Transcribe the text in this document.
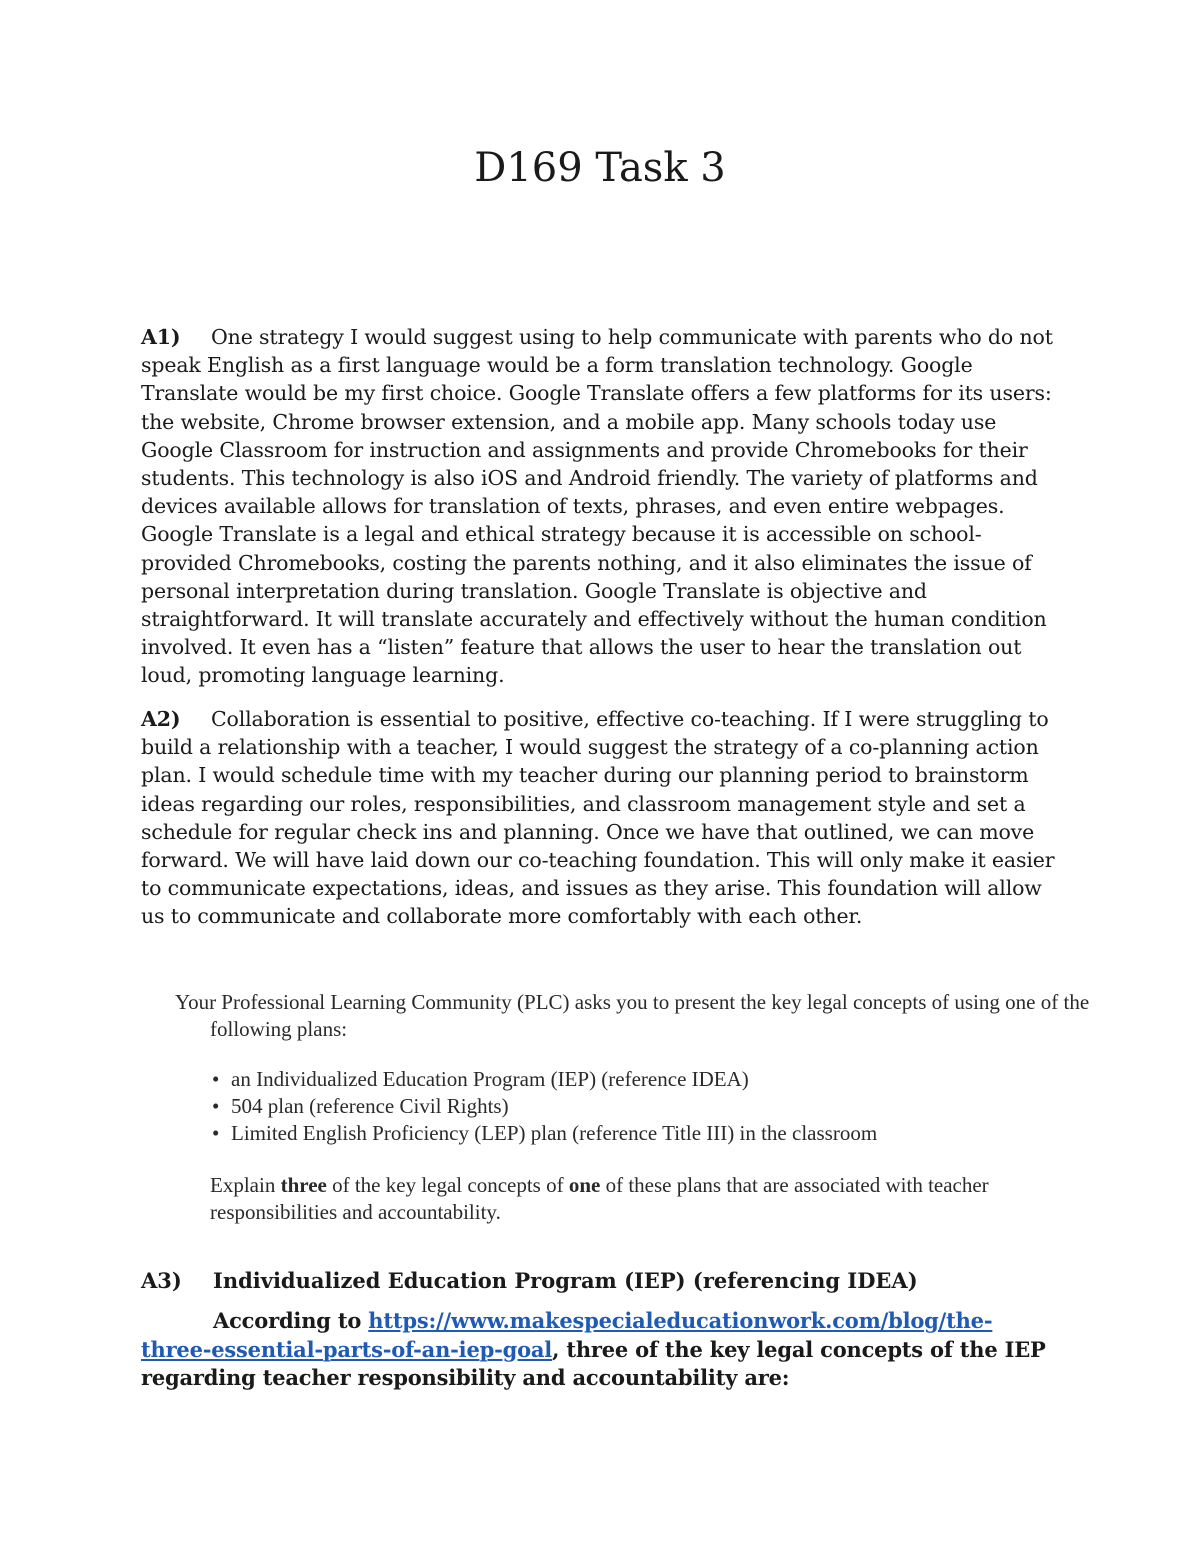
D169 Task 3

A1) One strategy I would suggest using to help communicate with parents who do not speak English as a first language would be a form translation technology. Google Translate would be my first choice. Google Translate offers a few platforms for its users: the website, Chrome browser extension, and a mobile app. Many schools today use Google Classroom for instruction and assignments and provide Chromebooks for their students. This technology is also iOS and Android friendly. The variety of platforms and devices available allows for translation of texts, phrases, and even entire webpages. Google Translate is a legal and ethical strategy because it is accessible on school-provided Chromebooks, costing the parents nothing, and it also eliminates the issue of personal interpretation during translation. Google Translate is objective and straightforward. It will translate accurately and effectively without the human condition involved. It even has a “listen” feature that allows the user to hear the translation out loud, promoting language learning.

A2) Collaboration is essential to positive, effective co-teaching. If I were struggling to build a relationship with a teacher, I would suggest the strategy of a co-planning action plan. I would schedule time with my teacher during our planning period to brainstorm ideas regarding our roles, responsibilities, and classroom management style and set a schedule for regular check ins and planning. Once we have that outlined, we can move forward. We will have laid down our co-teaching foundation. This will only make it easier to communicate expectations, ideas, and issues as they arise. This foundation will allow us to communicate and collaborate more comfortably with each other.

Your Professional Learning Community (PLC) asks you to present the key legal concepts of using one of the following plans:

• an Individualized Education Program (IEP) (reference IDEA)
• 504 plan (reference Civil Rights)
• Limited English Proficiency (LEP) plan (reference Title III) in the classroom

Explain three of the key legal concepts of one of these plans that are associated with teacher responsibilities and accountability.

A3) Individualized Education Program (IEP) (referencing IDEA)

According to https://www.makespecialeducationwork.com/blog/the-three-essential-parts-of-an-iep-goal, three of the key legal concepts of the IEP regarding teacher responsibility and accountability are:
